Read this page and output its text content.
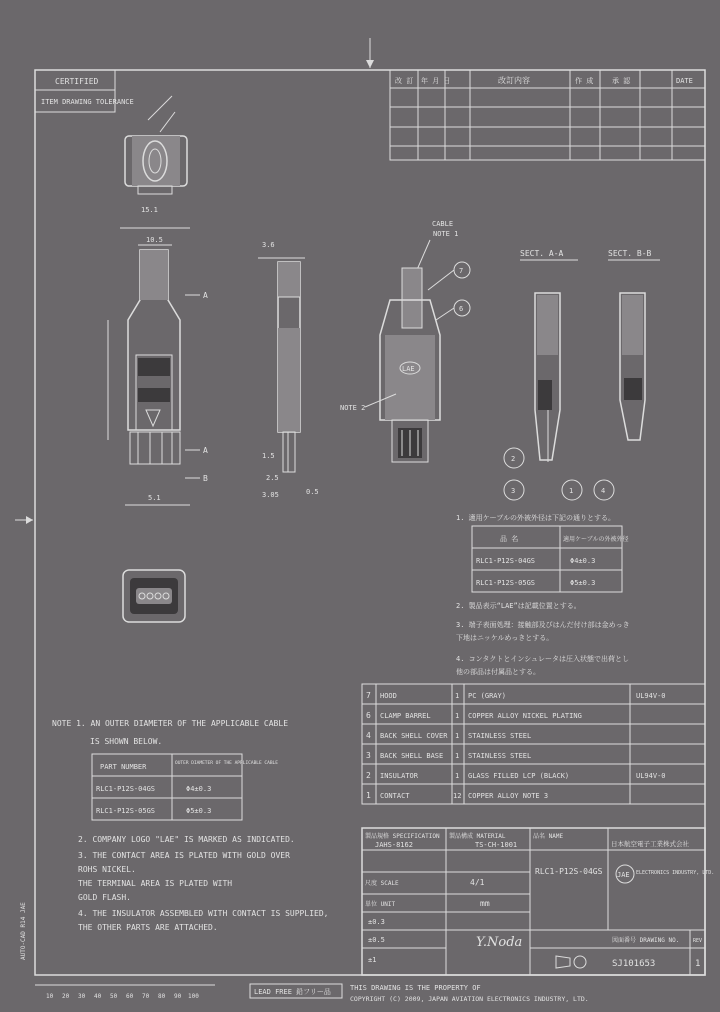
改 訂 年 月 日	改訂内容	作 成	承 認	DATE
CERTIFIED
ITEM DRAWING TOLERANCE
15.1
10.5
A
B
A
5.1
3.6
1.5
2.5
3.05	0.5
CABLE
NOTE 1
LAE
NOTE 2
7
6
SECT. A-A	SECT. B-B
2
3	1	4
1. 適用ケーブルの外被外径は下記の通りとする。
品 名	適用ケーブルの外被外径
RLC1-P12S-04GS	Φ4±0.3
RLC1-P12S-05GS	Φ5±0.3
2. 製品表示“LAE”は記載位置とする。
3. 端子表面処理：接触部及びはんだ付け部は金めっき
下地はニッケルめっきとする。
4. コンタクトとインシュレータは圧入状態で出荷とし
他の部品は付属品とする。
7 HOOD	1 PC (GRAY)	UL94V-0
6 CLAMP BARREL	1 COPPER ALLOY NICKEL PLATING
4 BACK SHELL COVER 1 STAINLESS STEEL
3 BACK SHELL BASE 1 STAINLESS STEEL
2 INSULATOR	1 GLASS FILLED LCP (BLACK)	UL94V-0
1 CONTACT	12 COPPER ALLOY NOTE 3
NOTE 1. AN OUTER DIAMETER OF THE APPLICABLE CABLE
IS SHOWN BELOW.
PART NUMBER	OUTER DIAMETER OF THE APPLICABLE CABLE
RLC1-P12S-04GS	Φ4±0.3
RLC1-P12S-05GS	Φ5±0.3
2. COMPANY LOGO "LAE" IS MARKED AS INDICATED.
3. THE CONTACT AREA IS PLATED WITH GOLD OVER
ROHS NICKEL.
THE TERMINAL AREA IS PLATED WITH
GOLD FLASH.
4. THE INSULATOR ASSEMBLED WITH CONTACT IS SUPPLIED,
THE OTHER PARTS ARE ATTACHED.
製品規格 SPECIFICATION
JAHS-8162
製品構成 MATERIAL
TS-CH-1001
品名 NAME
RLC1-P12S-04GS
日本航空電子工業株式会社
JAE ELECTRONICS INDUSTRY, LTD.
尺度 SCALE	4/1
単位 UNIT	mm
±0.3
±0.5
±1
Y.Noda	図面番号 DRAWING NO.
SJ101653
REV
1
LEAD FREE 鉛フリー品	THIS DRAWING IS THE PROPERTY OF
COPYRIGHT (C) 2009, JAPAN AVIATION ELECTRONICS INDUSTRY, LTD.
10 20 30 40 50 60 70 80 90 100
AUTO-CAD R14 JAE
